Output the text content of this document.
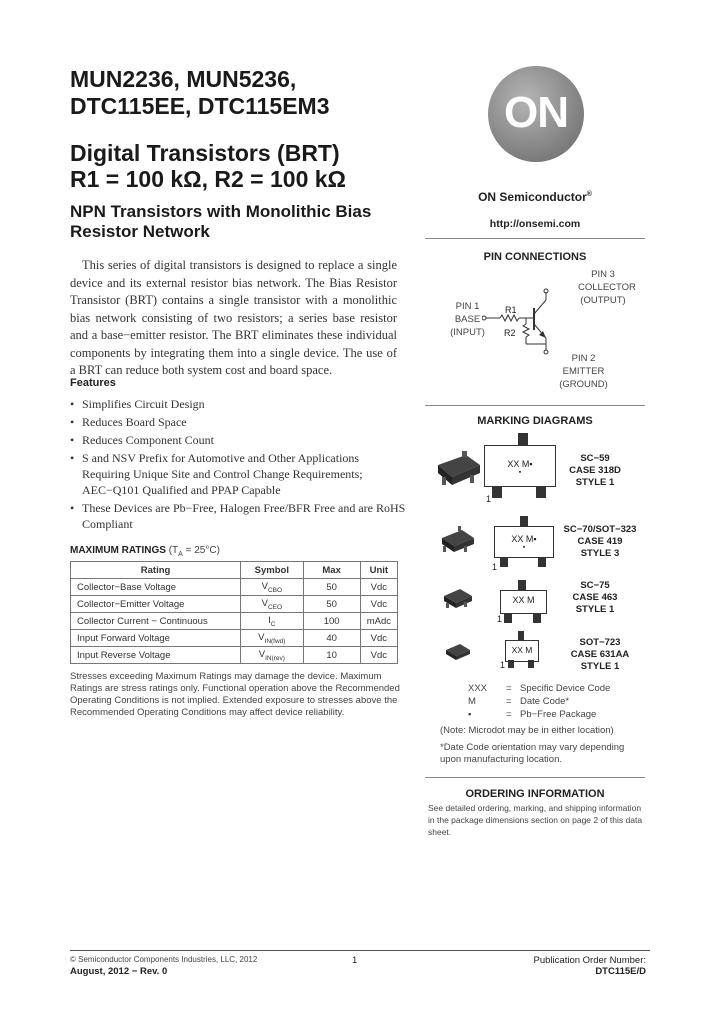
MUN2236, MUN5236,
DTC115EE, DTC115EM3
Digital Transistors (BRT)
R1 = 100 kΩ, R2 = 100 kΩ
NPN Transistors with Monolithic Bias
Resistor Network
This series of digital transistors is designed to replace a single device and its external resistor bias network. The Bias Resistor Transistor (BRT) contains a single transistor with a monolithic bias network consisting of two resistors; a series base resistor and a base−emitter resistor. The BRT eliminates these individual components by integrating them into a single device. The use of a BRT can reduce both system cost and board space.
Features
• Simplifies Circuit Design
• Reduces Board Space
• Reduces Component Count
• S and NSV Prefix for Automotive and Other Applications Requiring Unique Site and Control Change Requirements; AEC−Q101 Qualified and PPAP Capable
• These Devices are Pb−Free, Halogen Free/BFR Free and are RoHS Compliant
MAXIMUM RATINGS $(T_A = 25^\circ C)$
Rating	Symbol	Max	Unit
Collector−Base Voltage	$V_{CBO}$	50	Vdc
Collector−Emitter Voltage	$V_{CEO}$	50	Vdc
Collector Current − Continuous	$I_C$	100	mAdc
Input Forward Voltage	$V_{IN(fwd)}$	40	Vdc
Input Reverse Voltage	$V_{IN(rev)}$	10	Vdc
Stresses exceeding Maximum Ratings may damage the device. Maximum Ratings are stress ratings only. Functional operation above the Recommended Operating Conditions is not implied. Extended exposure to stresses above the Recommended Operating Conditions may affect device reliability.
ON
ON Semiconductor®
http://onsemi.com
PIN CONNECTIONS
PIN 3
COLLECTOR
(OUTPUT)
PIN 1
BASE
(INPUT)
PIN 2
EMITTER
(GROUND)
R1
R2
MARKING DIAGRAMS
XX M▪
▪
1
SC−59
CASE 318D
STYLE 1
XX M▪
▪
1
SC−70/SOT−323
CASE 419
STYLE 3
XX M
1
SC−75
CASE 463
STYLE 1
XX M
1
SOT−723
CASE 631AA
STYLE 1
XXX = Specific Device Code
M	= Date Code*
▪	= Pb−Free Package
(Note: Microdot may be in either location)
*Date Code orientation may vary depending upon manufacturing location.
ORDERING INFORMATION
See detailed ordering, marking, and shipping information in the package dimensions section on page 2 of this data sheet.
© Semiconductor Components Industries, LLC, 2012
August, 2012 − Rev. 0
1	Publication Order Number:
DTC115E/D
